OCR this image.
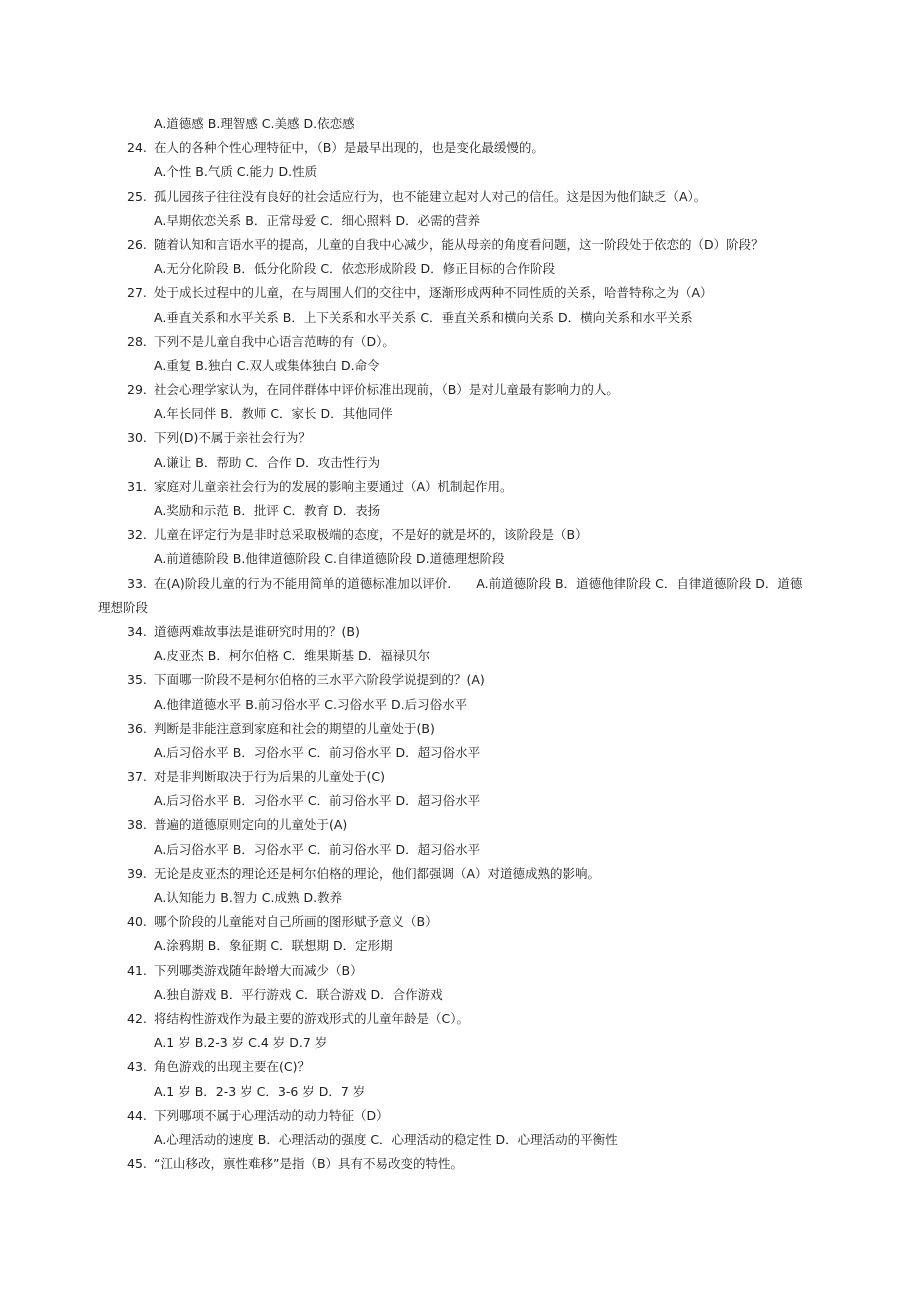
A.道德感 B.理智感 C.美感 D.依恋感
24. 在人的各种个性心理特征中，（B）是最早出现的，也是变化最缓慢的。
A.个性 B.气质 C.能力 D.性质
25. 孤儿园孩子往往没有良好的社会适应行为，也不能建立起对人对己的信任。这是因为他们缺乏（A）。
A.早期依恋关系 B．正常母爱 C．细心照料 D．必需的营养
26. 随着认知和言语水平的提高，儿童的自我中心减少，能从母亲的角度看问题，这一阶段处于依恋的（D）阶段？
A.无分化阶段 B．低分化阶段 C．依恋形成阶段 D．修正目标的合作阶段
27. 处于成长过程中的儿童，在与周围人们的交往中，逐渐形成两种不同性质的关系，哈普特称之为（A）
A.垂直关系和水平关系 B．上下关系和水平关系 C．垂直关系和横向关系 D．横向关系和水平关系
28. 下列不是儿童自我中心语言范畴的有（D）。
A.重复 B.独白 C.双人或集体独白 D.命令
29. 社会心理学家认为，在同伴群体中评价标准出现前，（B）是对儿童最有影响力的人。
A.年长同伴 B．教师 C．家长 D．其他同伴
30. 下列(D)不属于亲社会行为？
A.谦让 B．帮助 C．合作 D．攻击性行为
31. 家庭对儿童亲社会行为的发展的影响主要通过（A）机制起作用。
A.奖励和示范 B．批评 C．教育 D．表扬
32. 儿童在评定行为是非时总采取极端的态度，不是好的就是坏的，该阶段是（B）
A.前道德阶段 B.他律道德阶段 C.自律道德阶段 D.道德理想阶段
33. 在(A)阶段儿童的行为不能用简单的道德标准加以评价.　　A.前道德阶段 B．道德他律阶段 C．自律道德阶段 D．道德
理想阶段
34. 道德两难故事法是谁研究时用的？(B)
A.皮亚杰 B．柯尔伯格 C．维果斯基 D．福禄贝尔
35. 下面哪一阶段不是柯尔伯格的三水平六阶段学说提到的？(A)
A.他律道德水平 B.前习俗水平 C.习俗水平 D.后习俗水平
36. 判断是非能注意到家庭和社会的期望的儿童处于(B)
A.后习俗水平 B．习俗水平 C．前习俗水平 D．超习俗水平
37. 对是非判断取决于行为后果的儿童处于(C)
A.后习俗水平 B．习俗水平 C．前习俗水平 D．超习俗水平
38. 普遍的道德原则定向的儿童处于(A)
A.后习俗水平 B．习俗水平 C．前习俗水平 D．超习俗水平
39. 无论是皮亚杰的理论还是柯尔伯格的理论，他们都强调（A）对道德成熟的影响。
A.认知能力 B.智力 C.成熟 D.教养
40. 哪个阶段的儿童能对自己所画的图形赋予意义（B）
A.涂鸦期 B．象征期 C．联想期 D．定形期
41. 下列哪类游戏随年龄增大而减少（B）
A.独自游戏 B．平行游戏 C．联合游戏 D．合作游戏
42. 将结构性游戏作为最主要的游戏形式的儿童年龄是（C）。
A.1 岁 B.2-3 岁 C.4 岁 D.7 岁
43. 角色游戏的出现主要在(C)？
A.1 岁 B．2-3 岁 C．3-6 岁 D．7 岁
44. 下列哪项不属于心理活动的动力特征（D）
A.心理活动的速度 B．心理活动的强度 C．心理活动的稳定性 D．心理活动的平衡性
45. “江山移改，禀性难移”是指（B）具有不易改变的特性。
